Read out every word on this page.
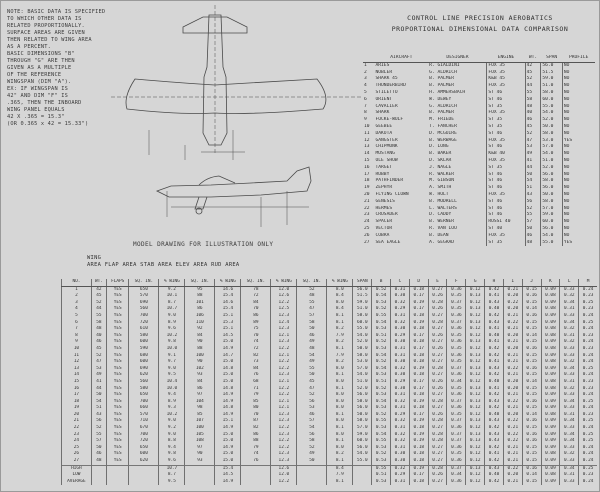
NOTE: BASIC DATA IS SPECIFIED
TO WHICH OTHER DATA IS
RELATED PROPORTIONALLY.
SURFACE AREAS ARE GIVEN
THEN RELATED TO WING AREA
AS A PERCENT.
BASIC DIMENSIONS "B"
THROUGH "G" ARE THEN
GIVEN AS A MULTIPLE
OF THE REFERENCE
WINGSPAN (DIM "A").
EX: IF WINGSPAN IS
42" AND DIM "F" IS
.365, THEN THE INBOARD
WING PANEL EQUALS
42 X .365 = 15.3"
(OR 0.365 x 42 = 15.33")
MODEL DRAWING FOR ILLUSTRATION ONLY
CONTROL LINE PRECISION AEROBATICS
PROPORTIONAL DIMENSIONAL DATA COMPARISON
	AIRCRAFT	DESIGNER	ENGINE	WT.	SPAN	PROFILE
1	ARIES	R. GIALDINI	FOX 35	42	56.0	NO
2	NOBLER	G. ALDRICH	FOX 35	45	51.5	NO
3	SHARK 45	B. PALMER	K&B 45	52	59.0	NO
4	THUNDERBIRD	B. PALMER	FOX 35	44	51.0	NO
5	STILETTO	H. AMMERSBACH	ST 46	55	58.0	NO
6	ORIENT	W. DEWEY	ST 46	58	60.0	NO
7	CAVALIER	G. ALDRICH	ST 35	48	55.0	NO
8	SHARK	B. PALMER	FOX 35	40	54.0	NO
9	FOCKE-WULF	M. FRIEDE	ST 35	46	52.0	NO
10	GEEBEE	T. FANCHER	ST 35	45	50.0	NO
11	DAKOTA	D. MCGUIRE	ST 46	52	58.0	NO
12	GANGSTER	B. WERWAGE	FOX 35	47	53.0	YES
13	CHIPMUNK	D. LONG	ST 46	53	57.0	NO
14	MUSTANG	B. BAKER	K&B 40	49	54.0	NO
15	OLE SHOW	D. SKLAR	FOX 35	41	51.0	NO
16	TARGET	J. NAGLE	ST 35	44	52.0	NO
17	RUBBY	R. WALKER	ST 46	50	56.0	NO
18	PATHFINDER	M. GIBSON	ST 46	54	58.0	NO
19	ZEPHYR	A. SMITH	ST 46	51	56.0	NO
20	FLYING CLOWN	W. HOLT	FOX 35	43	50.0	NO
21	GENESIS	B. MODRELL	ST 46	56	58.0	NO
22	HERMES	L. WALTERS	ST 46	52	57.0	NO
23	CRUSADER	D. CADDY	ST 46	55	59.0	NO
24	SPACER	B. WERNER	ROSSI 40	57	60.0	NO
25	VECTOR	R. VAN LOO	ST 40	50	56.0	NO
26	COBRA	B. DEAN	FOX 35	46	54.0	NO
27	SEA EAGLE	A. GEGRAD	ST 35	48	55.0	YES
WING
AREA FLAP AREA STAB AREA ELEV AREA RUD AREA
NO.	WT.	FLAPS	SQ. IN.	% WING	SQ. IN.	% WING	SQ. IN.	% WING	SQ. IN.	% WING	SPAN	B	C	D	E	F	G	H	I	J	K	L	M
1	42	YES	650	9.2	95	14.6	78	12.0	52	8.0	56.0	0.52	0.31	0.18	0.27	0.36	0.12	0.42	0.21	0.15	0.09	0.33	0.24
2	45	YES	570	10.1	88	15.4	72	12.6	48	8.4	51.5	0.54	0.30	0.17	0.26	0.35	0.13	0.41	0.20	0.16	0.08	0.32	0.23
3	52	YES	690	8.7	101	14.6	84	12.2	55	8.0	59.0	0.53	0.32	0.19	0.28	0.37	0.12	0.43	0.22	0.15	0.09	0.34	0.25
4	44	YES	560	10.7	86	15.4	70	12.5	47	8.4	51.0	0.52	0.29	0.17	0.26	0.35	0.13	0.40	0.20	0.14	0.08	0.31	0.23
5	55	YES	700	9.0	106	15.1	86	12.3	57	8.1	58.0	0.55	0.31	0.18	0.27	0.36	0.12	0.42	0.21	0.16	0.09	0.33	0.24
6	58	YES	720	8.9	110	15.3	89	12.4	58	8.1	60.0	0.54	0.32	0.19	0.28	0.37	0.13	0.43	0.22	0.15	0.09	0.34	0.25
7	48	YES	610	9.6	92	15.1	75	12.3	50	8.2	55.0	0.53	0.30	0.18	0.27	0.36	0.12	0.41	0.21	0.15	0.08	0.32	0.24
8	40	YES	580	10.2	84	14.5	70	12.1	46	7.9	54.0	0.51	0.29	0.17	0.26	0.35	0.12	0.40	0.20	0.14	0.08	0.31	0.23
9	46	YES	600	9.8	90	15.0	74	12.3	49	8.2	52.0	0.52	0.30	0.18	0.27	0.36	0.13	0.41	0.21	0.15	0.09	0.32	0.24
10	45	YES	590	10.0	88	14.9	72	12.2	48	8.1	50.0	0.53	0.31	0.17	0.26	0.35	0.12	0.42	0.20	0.16	0.08	0.33	0.23
11	52	YES	680	9.1	100	14.7	82	12.1	54	7.9	58.0	0.54	0.31	0.18	0.27	0.36	0.13	0.42	0.21	0.15	0.09	0.33	0.24
12	47	YES	600	9.7	90	15.0	73	12.2	49	8.2	53.0	0.52	0.30	0.18	0.27	0.35	0.12	0.41	0.21	0.15	0.08	0.32	0.24
13	53	YES	690	9.0	102	14.8	84	12.2	55	8.0	57.0	0.54	0.32	0.19	0.28	0.37	0.13	0.43	0.22	0.16	0.09	0.34	0.25
14	49	YES	620	9.5	93	15.0	76	12.3	50	8.1	54.0	0.53	0.30	0.18	0.27	0.36	0.12	0.42	0.21	0.15	0.09	0.33	0.24
15	41	YES	560	10.4	84	15.0	68	12.1	45	8.0	51.0	0.51	0.29	0.17	0.26	0.34	0.12	0.40	0.20	0.14	0.08	0.31	0.23
16	44	YES	580	10.0	86	14.8	71	12.2	47	8.1	52.0	0.52	0.30	0.17	0.26	0.35	0.13	0.41	0.20	0.15	0.08	0.32	0.23
17	50	YES	650	9.4	97	14.9	79	12.2	52	8.0	56.0	0.53	0.31	0.18	0.27	0.36	0.12	0.42	0.21	0.15	0.09	0.33	0.24
18	54	YES	700	8.9	104	14.9	85	12.1	56	8.0	58.0	0.54	0.32	0.19	0.28	0.37	0.13	0.43	0.22	0.16	0.09	0.34	0.25
19	51	YES	660	9.3	98	14.8	80	12.1	53	8.0	56.0	0.53	0.31	0.18	0.27	0.36	0.12	0.42	0.21	0.15	0.09	0.33	0.24
20	43	YES	570	10.2	85	14.9	70	12.3	46	8.1	50.0	0.52	0.29	0.17	0.26	0.35	0.12	0.40	0.20	0.14	0.08	0.31	0.23
21	56	YES	710	9.0	107	15.1	87	12.3	57	8.0	58.0	0.55	0.32	0.19	0.28	0.37	0.13	0.43	0.22	0.16	0.09	0.34	0.25
22	52	YES	670	9.2	100	14.9	82	12.2	54	8.1	57.0	0.53	0.31	0.18	0.27	0.36	0.12	0.42	0.21	0.15	0.09	0.33	0.24
23	55	YES	700	9.0	105	15.0	86	12.3	56	8.0	59.0	0.54	0.32	0.19	0.28	0.37	0.13	0.43	0.22	0.16	0.09	0.34	0.25
24	57	YES	720	8.8	108	15.0	88	12.2	58	8.1	60.0	0.55	0.32	0.19	0.28	0.37	0.13	0.43	0.22	0.16	0.09	0.34	0.25
25	50	YES	650	9.4	97	14.9	79	12.2	52	8.0	56.0	0.53	0.31	0.18	0.27	0.36	0.12	0.42	0.21	0.15	0.09	0.33	0.24
26	46	YES	600	9.8	90	15.0	74	12.3	49	8.2	54.0	0.52	0.30	0.18	0.27	0.35	0.12	0.41	0.21	0.15	0.08	0.32	0.24
27	48	YES	620	9.6	93	15.0	76	12.3	50	8.1	55.0	0.53	0.30	0.18	0.27	0.36	0.12	0.42	0.21	0.15	0.09	0.33	0.24
HIGH				10.7		15.4		12.6		8.4		0.55	0.32	0.19	0.28	0.37	0.13	0.43	0.22	0.16	0.09	0.34	0.25
LOW				8.7		14.5		12.0		7.9		0.51	0.29	0.17	0.26	0.34	0.12	0.40	0.20	0.14	0.08	0.31	0.23
AVERAGE				9.5		14.9		12.2		8.1		0.53	0.31	0.18	0.27	0.36	0.12	0.42	0.21	0.15	0.09	0.33	0.24
